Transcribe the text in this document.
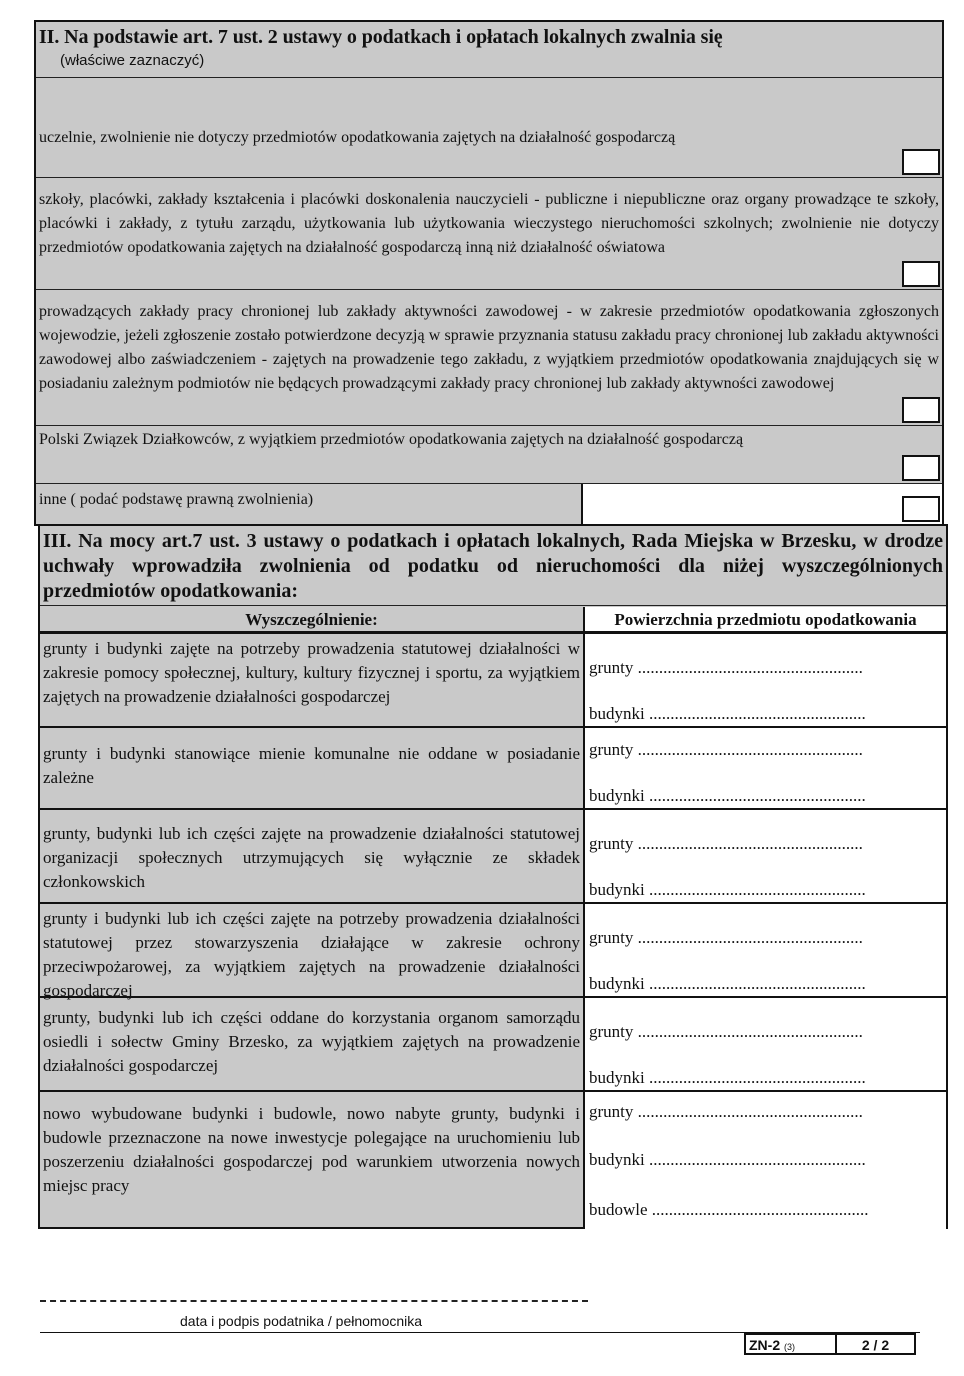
II. Na podstawie art. 7 ust. 2 ustawy o podatkach i opłatach lokalnych zwalnia się
(właściwe zaznaczyć)
uczelnie, zwolnienie nie dotyczy przedmiotów opodatkowania zajętych na działalność gospodarczą
szkoły, placówki, zakłady kształcenia i placówki doskonalenia nauczycieli - publiczne i niepubliczne oraz organy prowadzące te szkoły, placówki i zakłady, z tytułu zarządu, użytkowania lub użytkowania wieczystego nieruchomości szkolnych; zwolnienie nie dotyczy przedmiotów opodatkowania zajętych na działalność gospodarczą inną niż działalność oświatowa
prowadzących zakłady pracy chronionej lub zakłady aktywności zawodowej - w zakresie przedmiotów opodatkowania zgłoszonych wojewodzie, jeżeli zgłoszenie zostało potwierdzone decyzją w sprawie przyznania statusu zakładu pracy chronionej lub zakładu aktywności zawodowej albo zaświadczeniem - zajętych na prowadzenie tego zakładu, z wyjątkiem przedmiotów opodatkowania znajdujących się w posiadaniu zależnym podmiotów nie będących prowadzącymi zakłady pracy chronionej lub zakłady aktywności zawodowej
Polski Związek Działkowców, z wyjątkiem przedmiotów opodatkowania zajętych na działalność gospodarczą
inne ( podać podstawę prawną zwolnienia)
III. Na mocy art.7 ust. 3 ustawy o podatkach i opłatach lokalnych, Rada Miejska w Brzesku, w drodze uchwały wprowadziła zwolnienia od podatku od nieruchomości dla niżej wyszczególnionych przedmiotów opodatkowania:
Wyszczególnienie:	Powierzchnia przedmiotu opodatkowania
grunty i budynki zajęte na potrzeby prowadzenia statutowej działalności w zakresie pomocy społecznej, kultury, kultury fizycznej i sportu, za wyjątkiem zajętych na prowadzenie działalności gospodarczej
grunty .....................................................
budynki ...................................................
grunty i budynki stanowiące mienie komunalne nie oddane w posiadanie zależne
grunty .....................................................
budynki ...................................................
grunty, budynki lub ich części zajęte na prowadzenie działalności statutowej organizacji społecznych utrzymujących się wyłącznie ze składek członkowskich
grunty .....................................................
budynki ...................................................
grunty i budynki lub ich części zajęte na potrzeby prowadzenia działalności statutowej przez stowarzyszenia działające w zakresie ochrony przeciwpożarowej, za wyjątkiem zajętych na prowadzenie działalności gospodarczej
grunty .....................................................
budynki ...................................................
grunty, budynki lub ich części oddane do korzystania organom samorządu osiedli i sołectw Gminy Brzesko, za wyjątkiem zajętych na prowadzenie działalności gospodarczej
grunty .....................................................
budynki ...................................................
nowo wybudowane budynki i budowle, nowo nabyte grunty, budynki i budowle przeznaczone na nowe inwestycje polegające na uruchomieniu lub poszerzeniu działalności gospodarczej pod warunkiem utworzenia nowych miejsc pracy
grunty .....................................................
budynki ...................................................
budowle ...................................................
data i podpis podatnika / pełnomocnika
ZN-2 (3)	2 / 2
